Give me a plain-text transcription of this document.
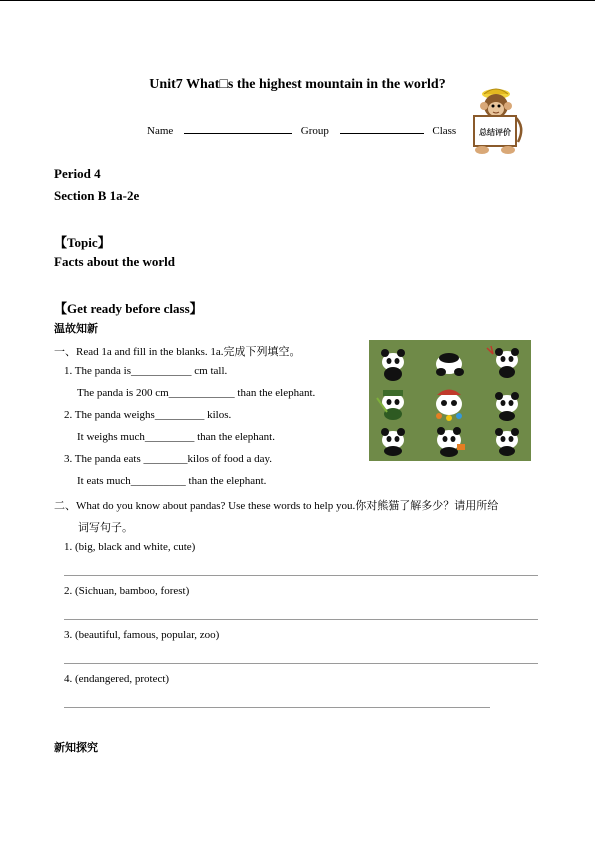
Unit7 What□s the highest mountain in the world?
总结评价
Name	Group	Class
Period 4
Section B 1a-2e
【Topic】
Facts about the world
【Get ready before class】
温故知新
一、Read 1a and fill in the blanks. 1a.完成下列填空。
1. The panda is___________ cm tall.
The panda is 200 cm____________ than the elephant.
2. The panda weighs_________ kilos.
It weighs much_________ than the elephant.
3. The panda eats ________kilos of food a day.
It eats much__________ than the elephant.
二、What do you know about pandas? Use these words to help you.你对熊猫了解多少？请用所给
词写句子。
1. (big, black and white, cute)
2. (Sichuan, bamboo, forest)
3. (beautiful, famous, popular, zoo)
4. (endangered, protect)
新知探究
